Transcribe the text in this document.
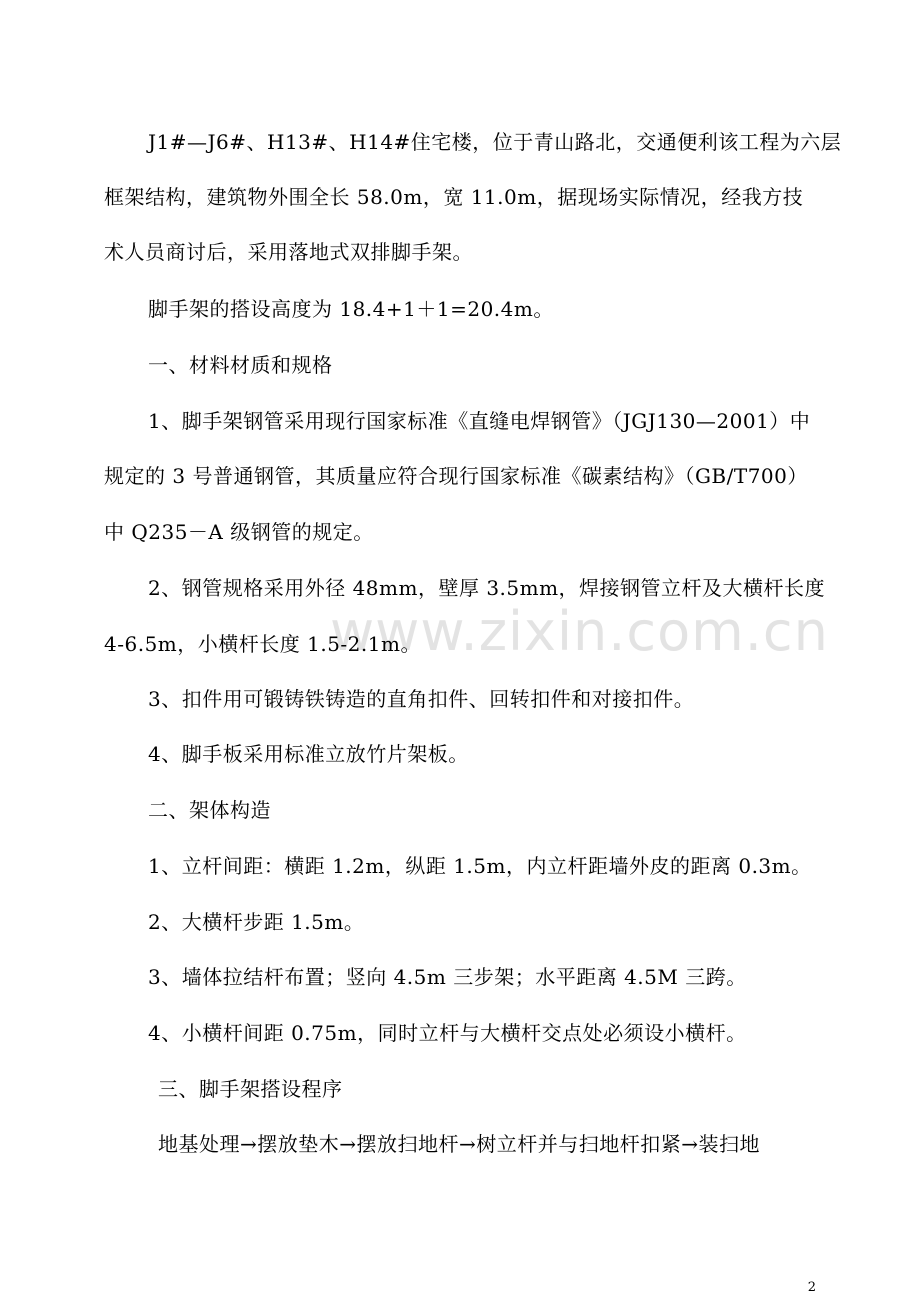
www.zixin.com.cn

J1#—J6#、H13#、H14#住宅楼，位于青山路北，交通便利该工程为六层

框架结构，建筑物外围全长 58.0m，宽 11.0m，据现场实际情况，经我方技

术人员商讨后，采用落地式双排脚手架。

脚手架的搭设高度为 18.4+1＋1=20.4m。

一、材料材质和规格

1、脚手架钢管采用现行国家标准《直缝电焊钢管》（JGJ130—2001）中

规定的 3 号普通钢管，其质量应符合现行国家标准《碳素结构》（GB/T700）

中 Q235－A 级钢管的规定。

2、钢管规格采用外径 48mm，壁厚 3.5mm，焊接钢管立杆及大横杆长度

4-6.5m，小横杆长度 1.5-2.1m。

3、扣件用可锻铸铁铸造的直角扣件、回转扣件和对接扣件。

4、脚手板采用标准立放竹片架板。

二、架体构造

1、立杆间距：横距 1.2m，纵距 1.5m，内立杆距墙外皮的距离 0.3m。

2、大横杆步距 1.5m。

3、墙体拉结杆布置；竖向 4.5m 三步架；水平距离 4.5M 三跨。

4、小横杆间距 0.75m，同时立杆与大横杆交点处必须设小横杆。

三、脚手架搭设程序

地基处理→摆放垫木→摆放扫地杆→树立杆并与扫地杆扣紧→装扫地

2
